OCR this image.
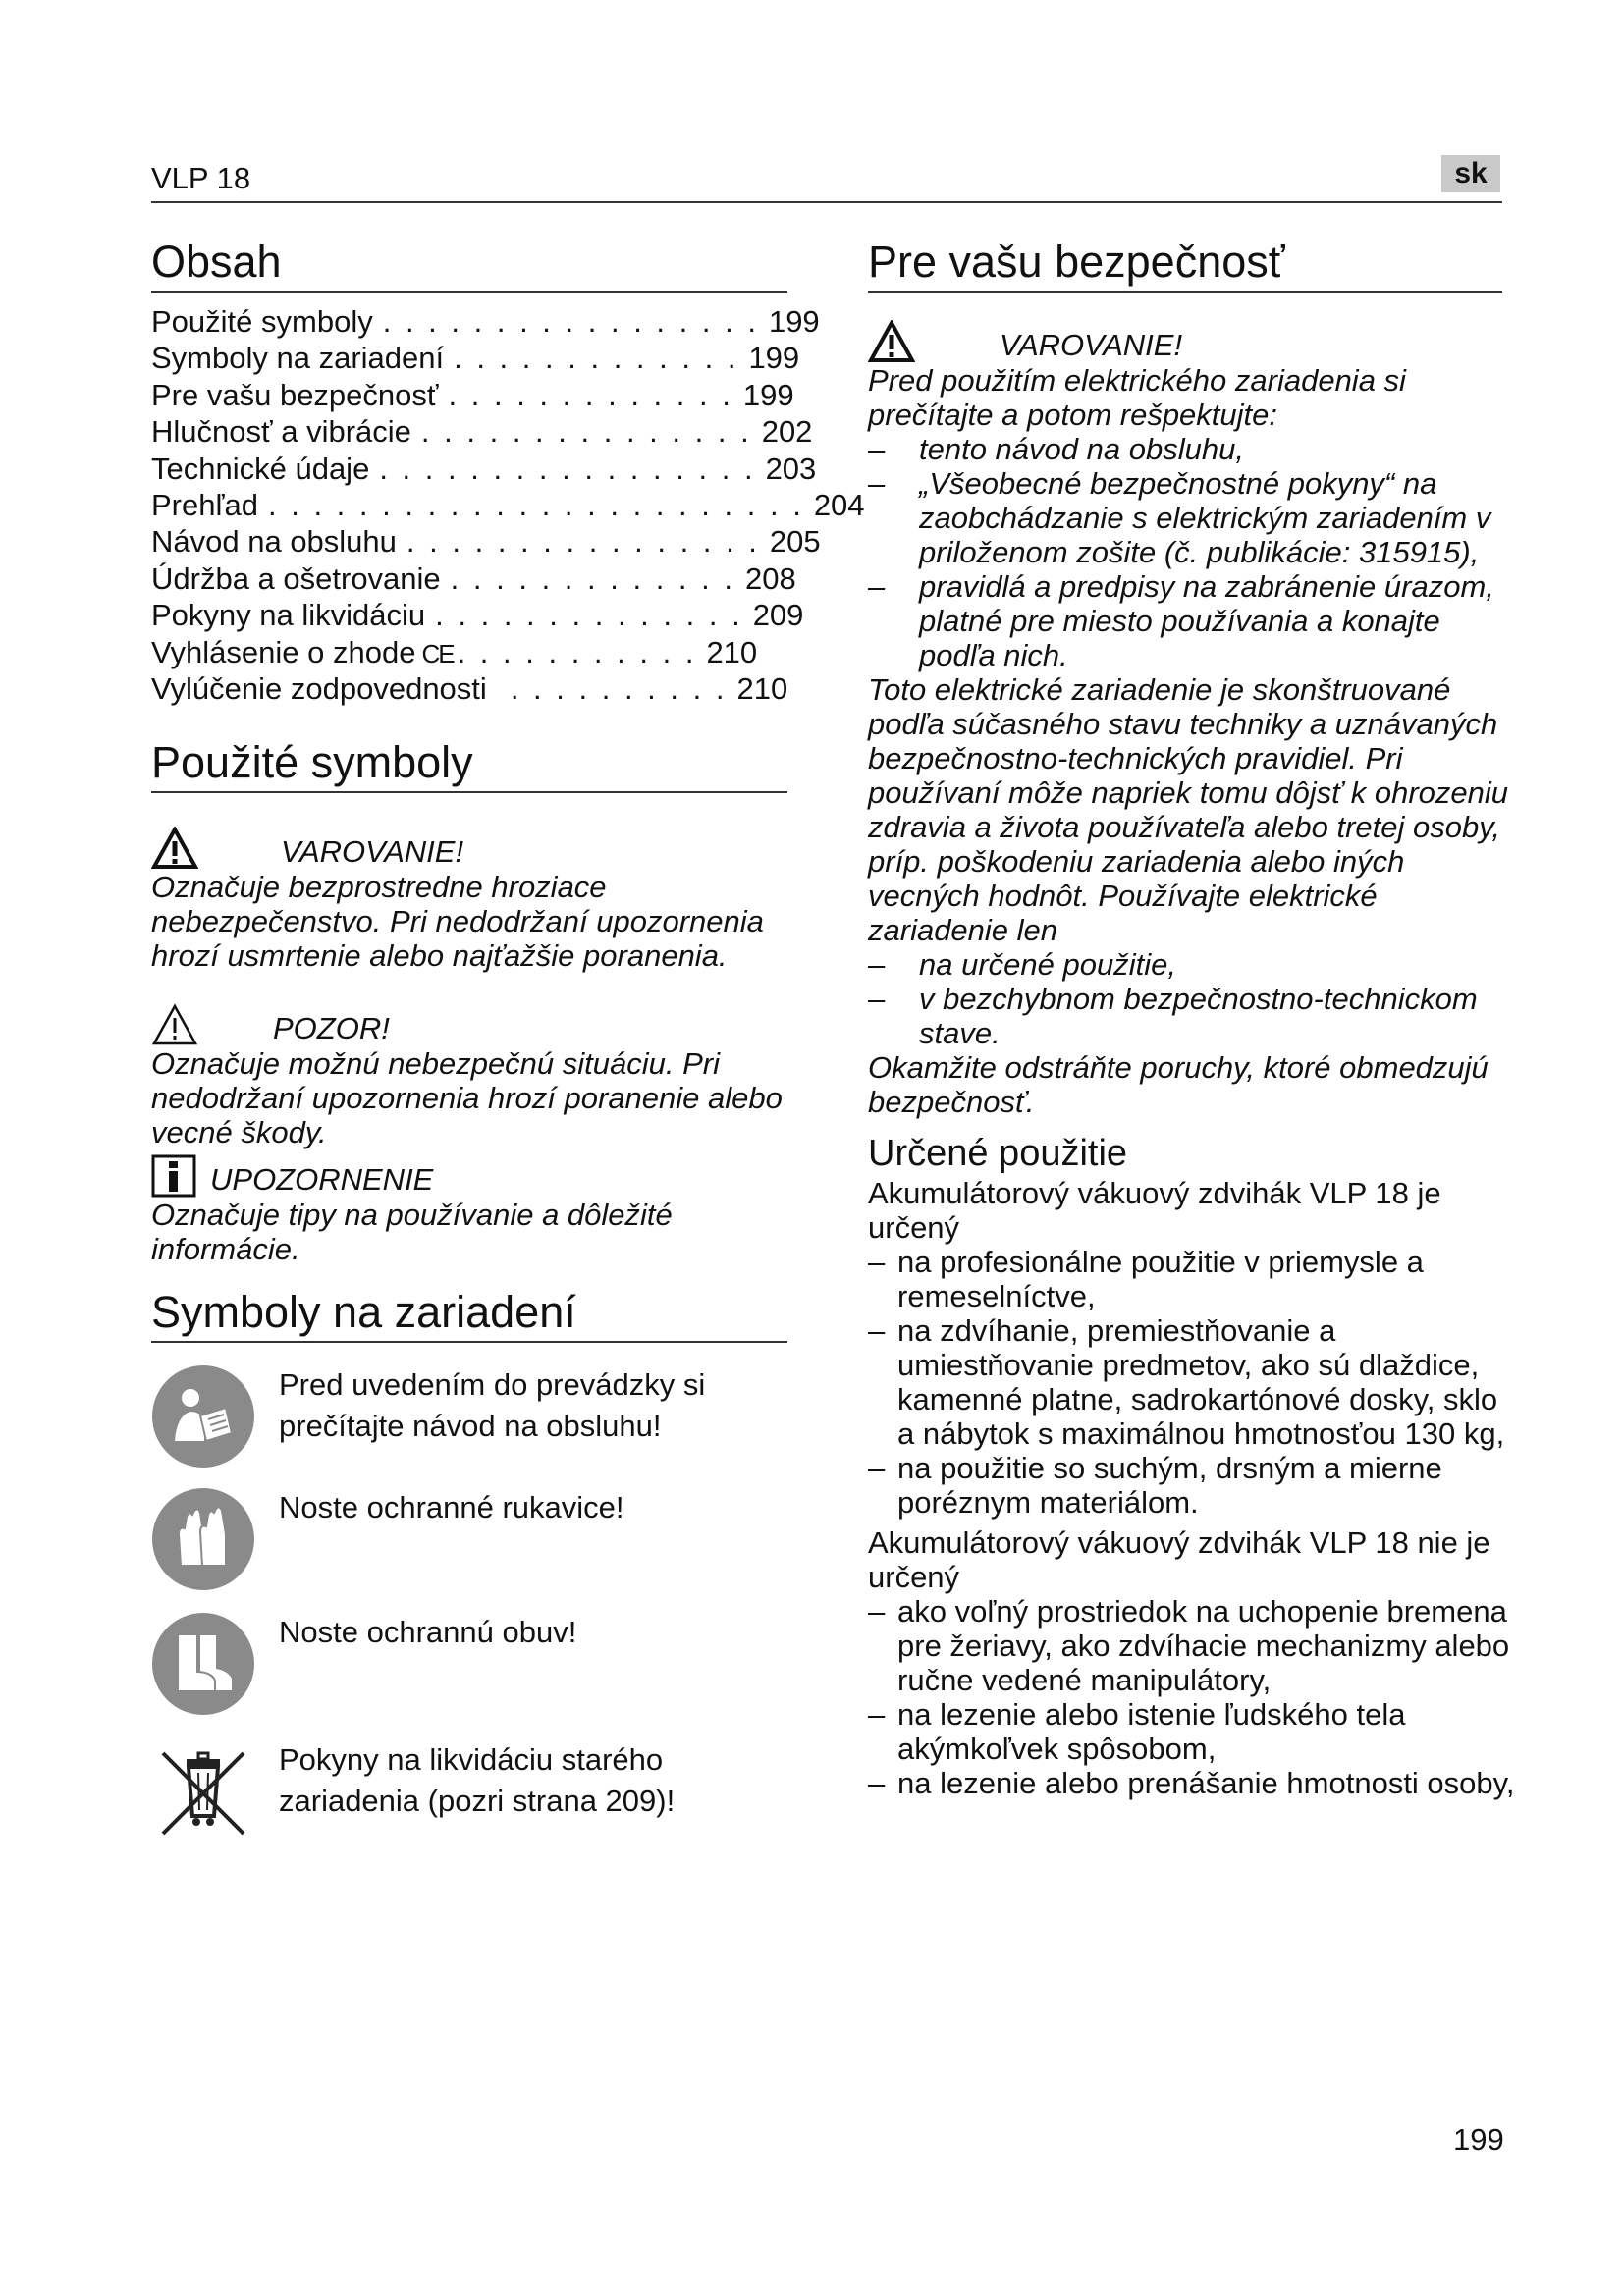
VLP 18	sk
Obsah
Použité symboly . . . . . . . . . . . . . . . . . 199
Symboly na zariadení . . . . . . . . . . . . . 199
Pre vašu bezpečnosť . . . . . . . . . . . . . 199
Hlučnosť a vibrácie . . . . . . . . . . . . . . . 202
Technické údaje . . . . . . . . . . . . . . . . . 203
Prehľad . . . . . . . . . . . . . . . . . . . . . . . . 204
Návod na obsluhu . . . . . . . . . . . . . . . . 205
Údržba a ošetrovanie . . . . . . . . . . . . . 208
Pokyny na likvidáciu . . . . . . . . . . . . . . 209
Vyhlásenie o zhode CE . . . . . . . . . . . 210
Vylúčenie zodpovednosti . . . . . . . . . . 210
Použité symboly
VAROVANIE!
Označuje bezprostredne hroziace nebezpečenstvo. Pri nedodržaní upozornenia hrozí usmrtenie alebo najťažšie poranenia.
POZOR!
Označuje možnú nebezpečnú situáciu. Pri nedodržaní upozornenia hrozí poranenie alebo vecné škody.
UPOZORNENIE
Označuje tipy na používanie a dôležité informácie.
Symboly na zariadení
Pred uvedením do prevádzky si prečítajte návod na obsluhu!
Noste ochranné rukavice!
Noste ochrannú obuv!
Pokyny na likvidáciu starého zariadenia (pozri strana 209)!
Pre vašu bezpečnosť
VAROVANIE!
Pred použitím elektrického zariadenia si prečítajte a potom rešpektujte:
– tento návod na obsluhu,
– „Všeobecné bezpečnostné pokyny“ na zaobchádzanie s elektrickým zariadením v priloženom zošite (č. publikácie: 315915),
– pravidlá a predpisy na zabránenie úrazom, platné pre miesto používania a konajte podľa nich.
Toto elektrické zariadenie je skonštruované podľa súčasného stavu techniky a uznávaných bezpečnostno-technických pravidiel. Pri používaní môže napriek tomu dôjsť k ohrozeniu zdravia a života používateľa alebo tretej osoby, príp. poškodeniu zariadenia alebo iných vecných hodnôt. Používajte elektrické zariadenie len
– na určené použitie,
– v bezchybnom bezpečnostno-technickom stave.
Okamžite odstráňte poruchy, ktoré obmedzujú bezpečnosť.
Určené použitie
Akumulátorový vákuový zdvihák VLP 18 je určený
– na profesionálne použitie v priemysle a remeselníctve,
– na zdvíhanie, premiestňovanie a umiestňovanie predmetov, ako sú dlaždice, kamenné platne, sadrokartónové dosky, sklo a nábytok s maximálnou hmotnosťou 130 kg,
– na použitie so suchým, drsným a mierne poréznym materiálom.
Akumulátorový vákuový zdvihák VLP 18 nie je určený
– ako voľný prostriedok na uchopenie bremena pre žeriavy, ako zdvíhacie mechanizmy alebo ručne vedené manipulátory,
– na lezenie alebo istenie ľudského tela akýmkoľvek spôsobom,
– na lezenie alebo prenášanie hmotnosti osoby,
199
